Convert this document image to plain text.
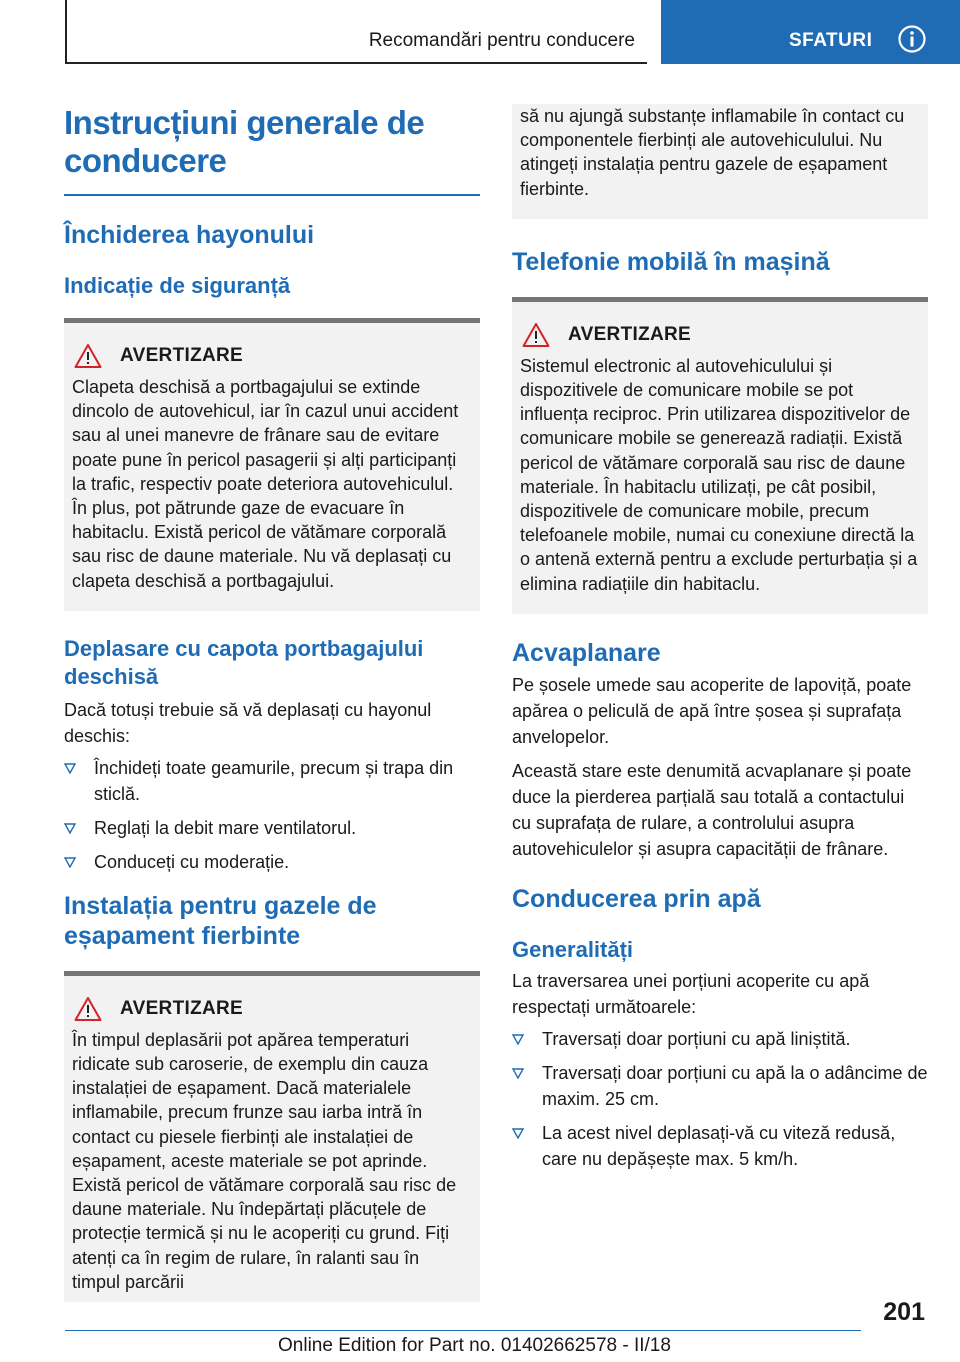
Recomandări pentru conducere	SFATURI
Instrucțiuni generale de conducere
Închiderea hayonului
Indicație de siguranță
AVERTIZARE

Clapeta deschisă a portbagajului se extinde dincolo de autovehicul, iar în cazul unui accident sau al unei manevre de frânare sau de evitare poate pune în pericol pasagerii și alți participanți la trafic, respectiv poate deteriora autovehiculul. În plus, pot pătrunde gaze de evacuare în habitaclu. Există pericol de vătămare corporală sau risc de daune materiale. Nu vă deplasați cu clapeta deschisă a portbagajului.

Deplasare cu capota portbagajului deschisă

Dacă totuși trebuie să vă deplasați cu hayonul deschis:

Închideți toate geamurile, precum și trapa din sticlă.
Reglați la debit mare ventilatorul.
Conduceți cu moderație.
Instalația pentru gazele de eșapament fierbinte
AVERTIZARE

În timpul deplasării pot apărea temperaturi ridicate sub caroserie, de exemplu din cauza instalației de eșapament. Dacă materialele inflamabile, precum frunze sau iarba intră în contact cu piesele fierbinți ale instalației de eșapament, aceste materiale se pot aprinde. Există pericol de vătămare corporală sau risc de daune materiale. Nu îndepărtați plăcuțele de protecție termică și nu le acoperiți cu grund. Fiți atenți ca în regim de rulare, în ralanti sau în timpul parcării

să nu ajungă substanțe inflamabile în contact cu componentele fierbinți ale autovehiculului. Nu atingeți instalația pentru gazele de eșapament fierbinte.

Telefonie mobilă în mașină
AVERTIZARE

Sistemul electronic al autovehiculului și dispozitivele de comunicare mobile se pot influența reciproc. Prin utilizarea dispozitivelor de comunicare mobile se generează radiații. Există pericol de vătămare corporală sau risc de daune materiale. În habitaclu utilizați, pe cât posibil, dispozitivele de comunicare mobile, precum telefoanele mobile, numai cu conexiune directă la o antenă externă pentru a exclude perturbația și a elimina radiațiile din habitaclu.

Acvaplanare

Pe șosele umede sau acoperite de lapoviță, poate apărea o peliculă de apă între șosea și suprafața anvelopelor.

Această stare este denumită acvaplanare și poate duce la pierderea parțială sau totală a contactului cu suprafața de rulare, a controlului asupra autovehiculelor și asupra capacității de frânare.

Conducerea prin apă
Generalități

La traversarea unei porțiuni acoperite cu apă respectați următoarele:

Traversați doar porțiuni cu apă liniștită.
Traversați doar porțiuni cu apă la o adâncime de maxim. 25 cm.
La acest nivel deplasați-vă cu viteză redusă, care nu depășește max. 5 km/h.
201
Online Edition for Part no. 01402662578 - II/18
